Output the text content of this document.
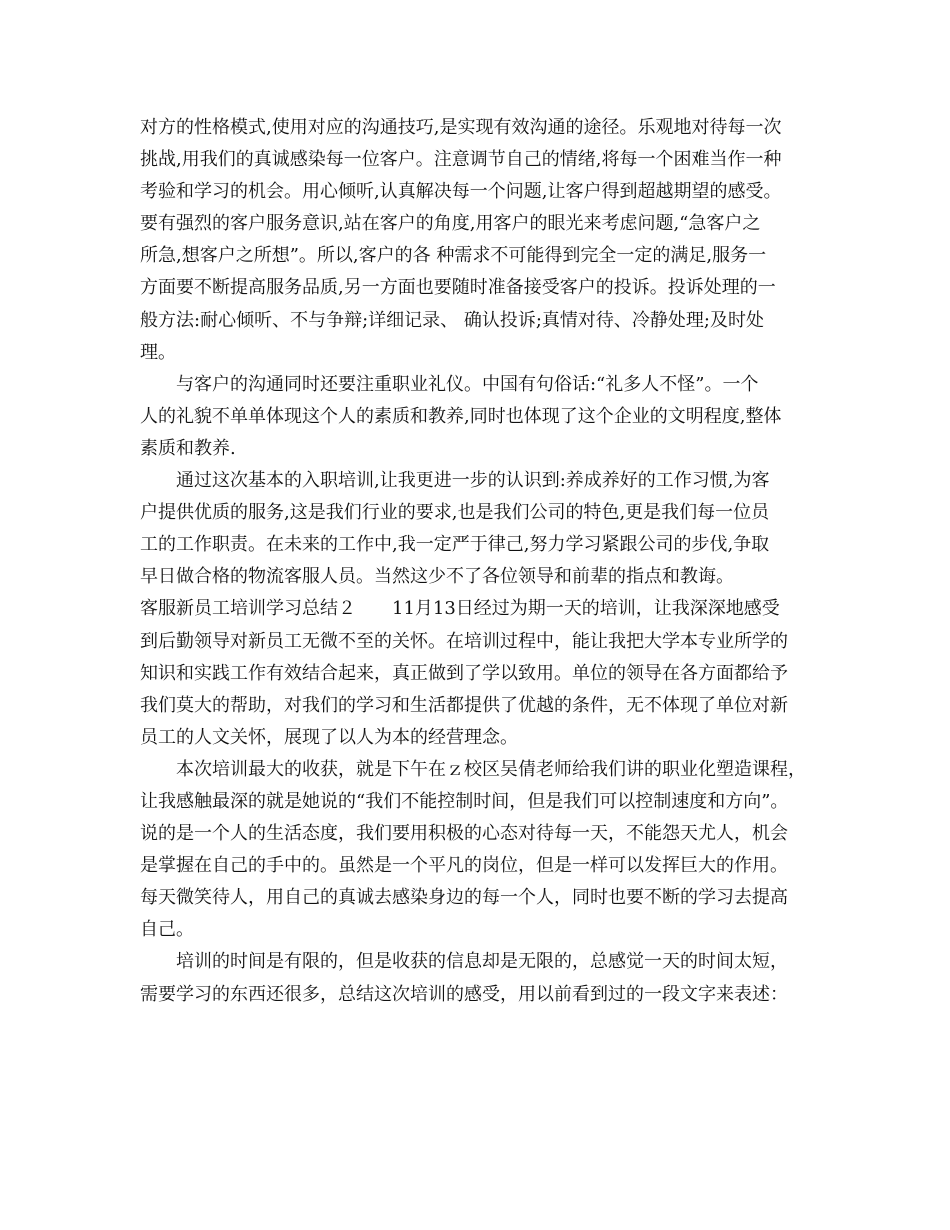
对方的性格模式,使用对应的沟通技巧,是实现有效沟通的途径。乐观地对待每一次
挑战,用我们的真诚感染每一位客户。注意调节自己的情绪,将每一个困难当作一种
考验和学习的机会。用心倾听,认真解决每一个问题,让客户得到超越期望的感受。
要有强烈的客户服务意识,站在客户的角度,用客户的眼光来考虑问题,“急客户之
所急,想客户之所想”。所以,客户的各 种需求不可能得到完全一定的满足,服务一
方面要不断提高服务品质,另一方面也要随时准备接受客户的投诉。投诉处理的一
般方法:耐心倾听、不与争辩;详细记录、 确认投诉;真情对待、冷静处理;及时处
理。
与客户的沟通同时还要注重职业礼仪。中国有句俗话:“礼多人不怪”。一个
人的礼貌不单单体现这个人的素质和教养,同时也体现了这个企业的文明程度,整体
素质和教养.
通过这次基本的入职培训,让我更进一步的认识到:养成养好的工作习惯,为客
户提供优质的服务,这是我们行业的要求,也是我们公司的特色,更是我们每一位员
工的工作职责。在未来的工作中,我一定严于律己,努力学习紧跟公司的步伐,争取
早日做合格的物流客服人员。当然这少不了各位领导和前辈的指点和教诲。
客服新员工培训学习总结２　　11月13日经过为期一天的培训，让我深深地感受
到后勤领导对新员工无微不至的关怀。在培训过程中，能让我把大学本专业所学的
知识和实践工作有效结合起来，真正做到了学以致用。单位的领导在各方面都给予
我们莫大的帮助，对我们的学习和生活都提供了优越的条件，无不体现了单位对新
员工的人文关怀，展现了以人为本的经营理念。
本次培训最大的收获，就是下午在ｚ校区吴倩老师给我们讲的职业化塑造课程，
让我感触最深的就是她说的“我们不能控制时间，但是我们可以控制速度和方向”。
说的是一个人的生活态度，我们要用积极的心态对待每一天，不能怨天尤人，机会
是掌握在自己的手中的。虽然是一个平凡的岗位，但是一样可以发挥巨大的作用。
每天微笑待人，用自己的真诚去感染身边的每一个人，同时也要不断的学习去提高
自己。
培训的时间是有限的，但是收获的信息却是无限的，总感觉一天的时间太短，
需要学习的东西还很多，总结这次培训的感受，用以前看到过的一段文字来表述：
